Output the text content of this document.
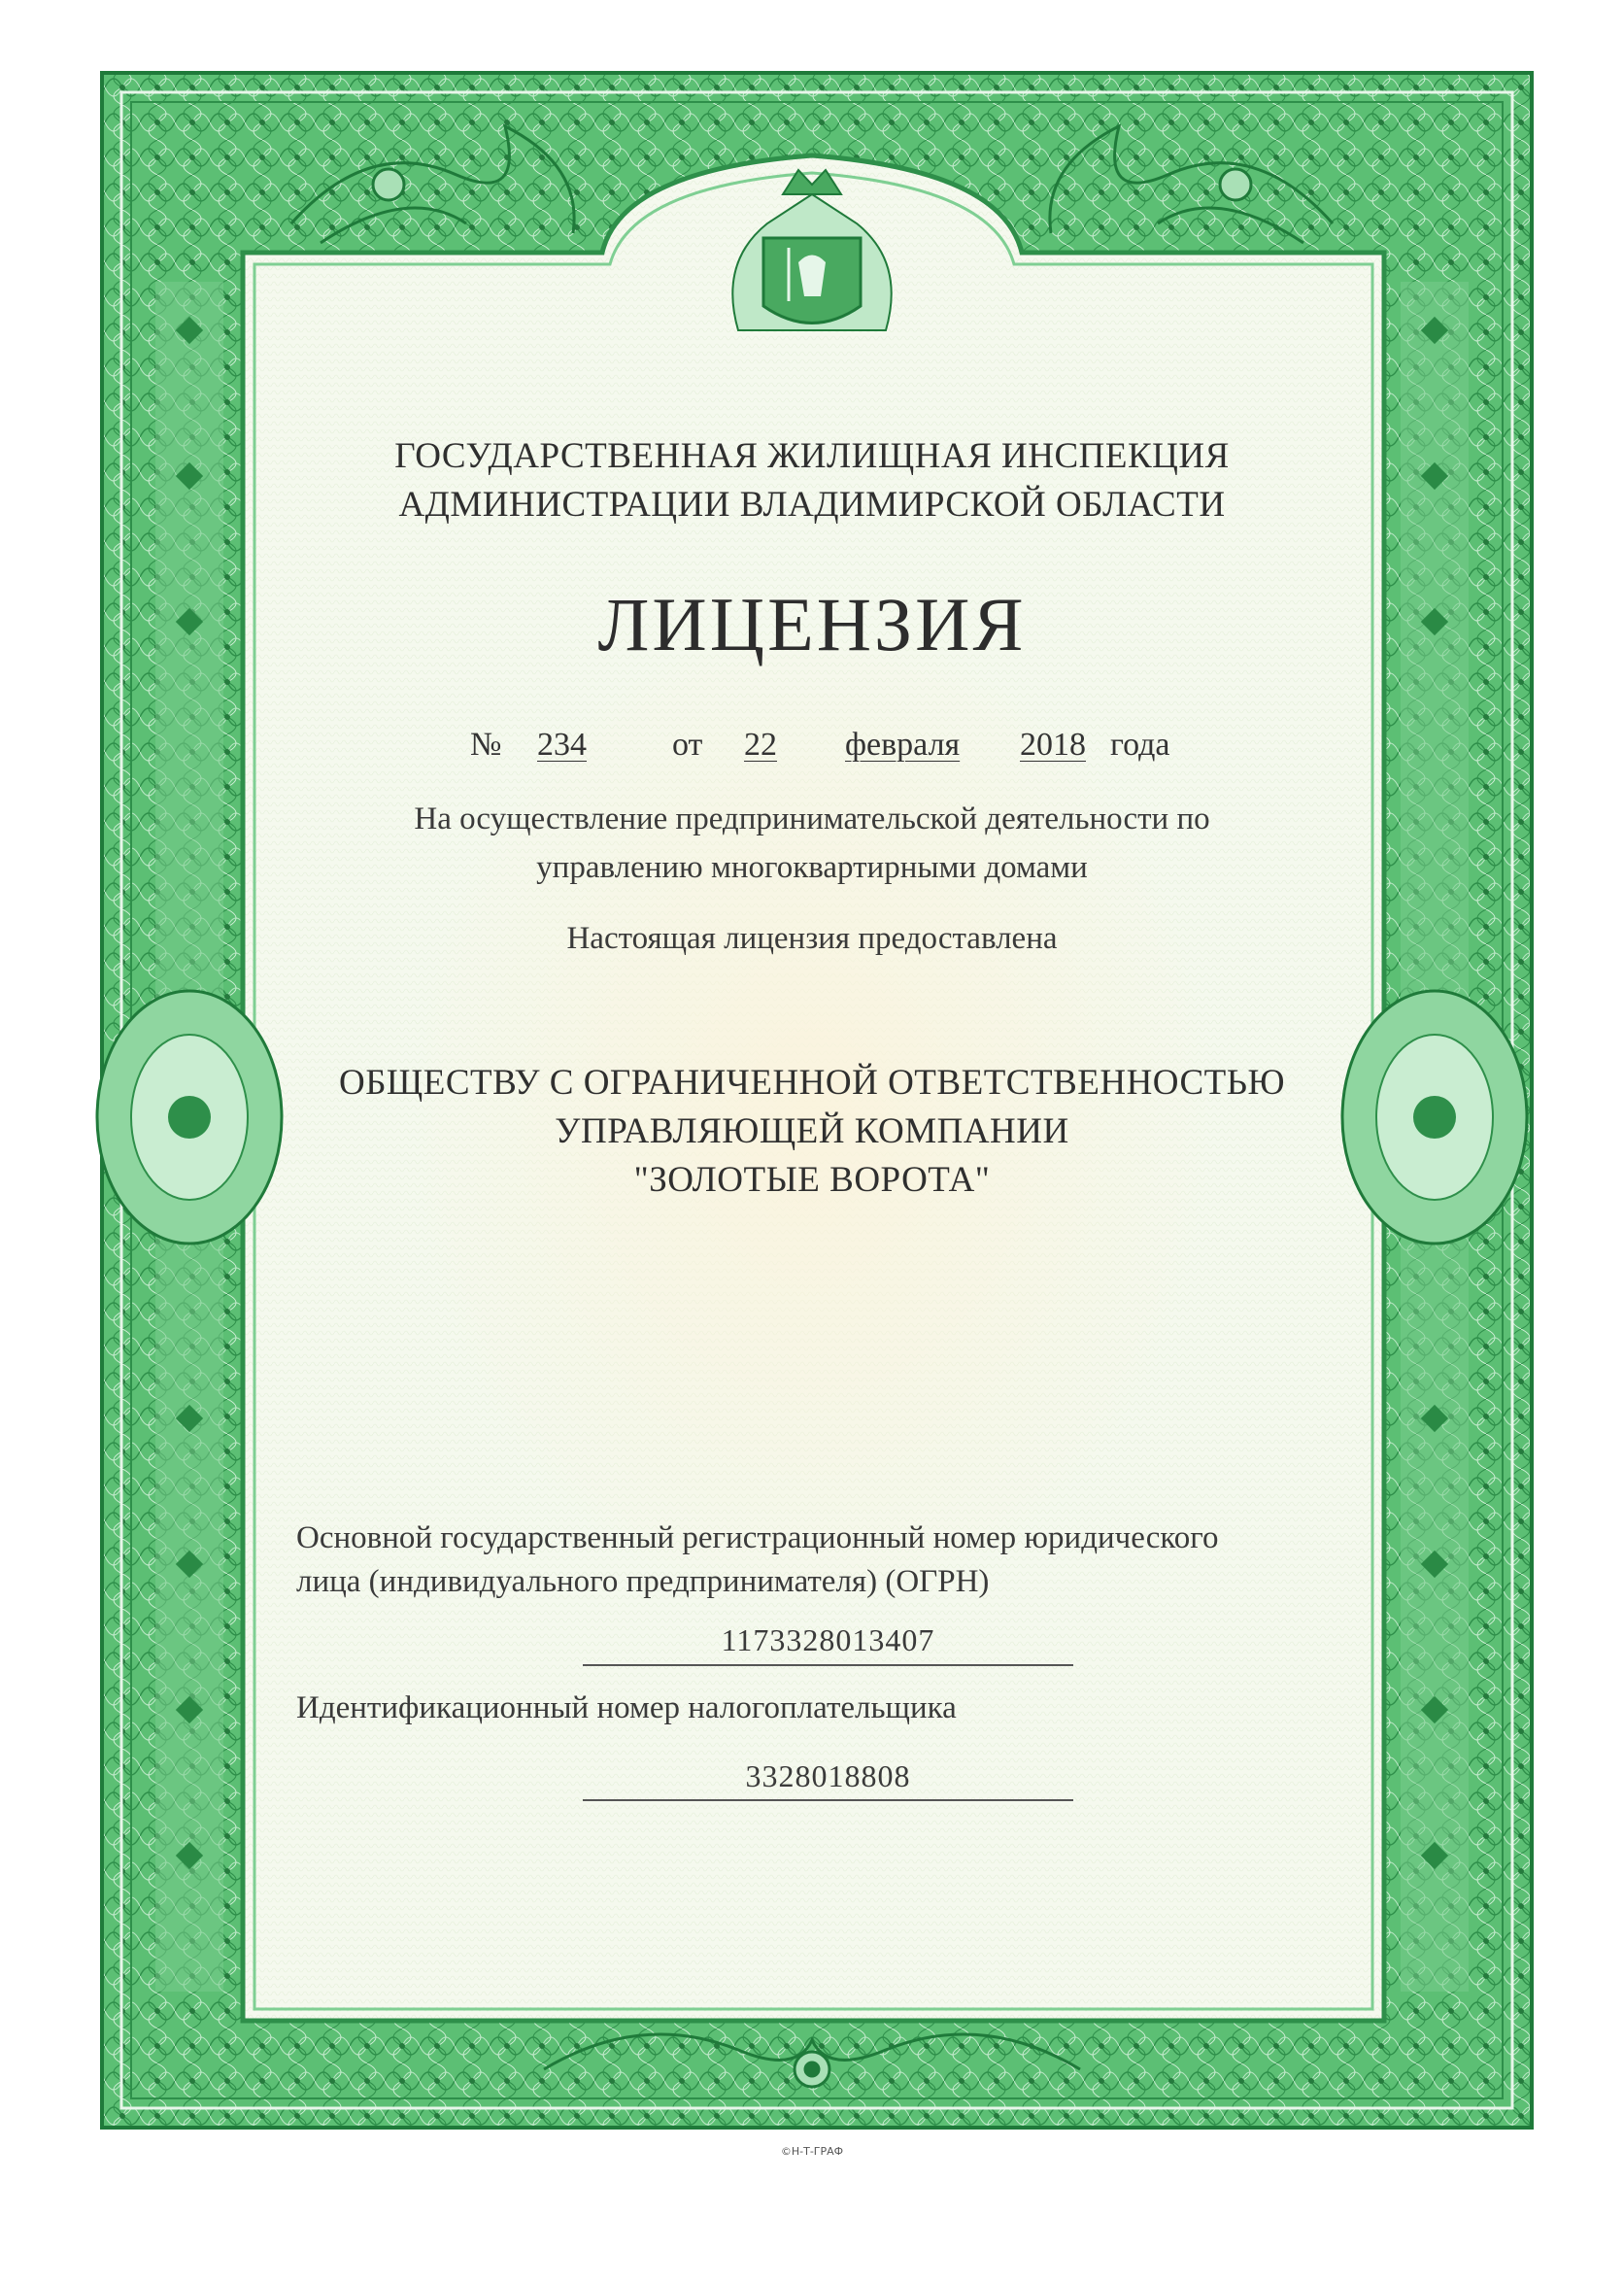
ГОСУДАРСТВЕННАЯ ЖИЛИЩНАЯ ИНСПЕКЦИЯ
АДМИНИСТРАЦИИ ВЛАДИМИРСКОЙ ОБЛАСТИ
ЛИЦЕНЗИЯ
№ 234	от 22 февраля 2018 года
На осуществление предпринимательской деятельности по
управлению многоквартирными домами
Настоящая лицензия предоставлена
ОБЩЕСТВУ С ОГРАНИЧЕННОЙ ОТВЕТСТВЕННОСТЬЮ
УПРАВЛЯЮЩЕЙ КОМПАНИИ
"ЗОЛОТЫЕ ВОРОТА"
Основной государственный регистрационный номер юридического
лица (индивидуального предпринимателя) (ОГРН)
1173328013407
Идентификационный номер налогоплательщика
3328018808
©Н-Т-ГРАФ
